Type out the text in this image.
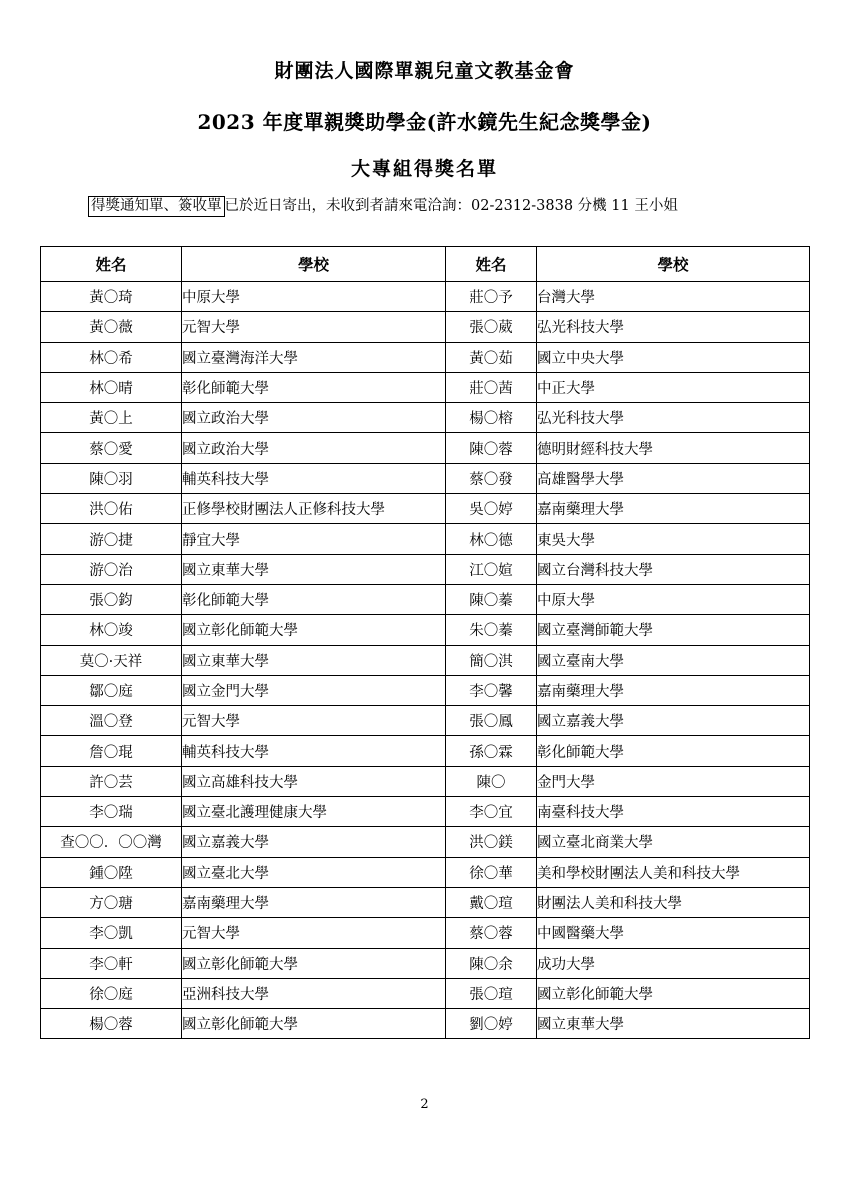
財團法人國際單親兒童文教基金會
2023 年度單親獎助學金(許水鏡先生紀念獎學金)
大專組得獎名單
得獎通知單、簽收單 已於近日寄出，未收到者請來電洽詢：02-2312-3838 分機 11 王小姐
姓名	學校	姓名	學校
黃〇琦	中原大學	莊〇予	台灣大學
黃〇薇	元智大學	張〇葳	弘光科技大學
林〇希	國立臺灣海洋大學	黃〇茹	國立中央大學
林〇晴	彰化師範大學	莊〇茜	中正大學
黃〇上	國立政治大學	楊〇榕	弘光科技大學
蔡〇愛	國立政治大學	陳〇蓉	德明財經科技大學
陳〇羽	輔英科技大學	蔡〇發	高雄醫學大學
洪〇佑	正修學校財團法人正修科技大學	吳〇婷	嘉南藥理大學
游〇捷	靜宜大學	林〇德	東吳大學
游〇治	國立東華大學	江〇媗	國立台灣科技大學
張〇鈞	彰化師範大學	陳〇蓁	中原大學
林〇竣	國立彰化師範大學	朱〇蓁	國立臺灣師範大學
莫〇·天祥	國立東華大學	簡〇淇	國立臺南大學
鄒〇庭	國立金門大學	李〇馨	嘉南藥理大學
溫〇登	元智大學	張〇鳳	國立嘉義大學
詹〇琨	輔英科技大學	孫〇霖	彰化師範大學
許〇芸	國立高雄科技大學	陳〇	金門大學
李〇瑞	國立臺北護理健康大學	李〇宜	南臺科技大學
查〇〇．〇〇灣	國立嘉義大學	洪〇鎂	國立臺北商業大學
鍾〇陞	國立臺北大學	徐〇華	美和學校財團法人美和科技大學
方〇瑭	嘉南藥理大學	戴〇瑄	財團法人美和科技大學
李〇凱	元智大學	蔡〇蓉	中國醫藥大學
李〇軒	國立彰化師範大學	陳〇余	成功大學
徐〇庭	亞洲科技大學	張〇瑄	國立彰化師範大學
楊〇蓉	國立彰化師範大學	劉〇婷	國立東華大學
2
